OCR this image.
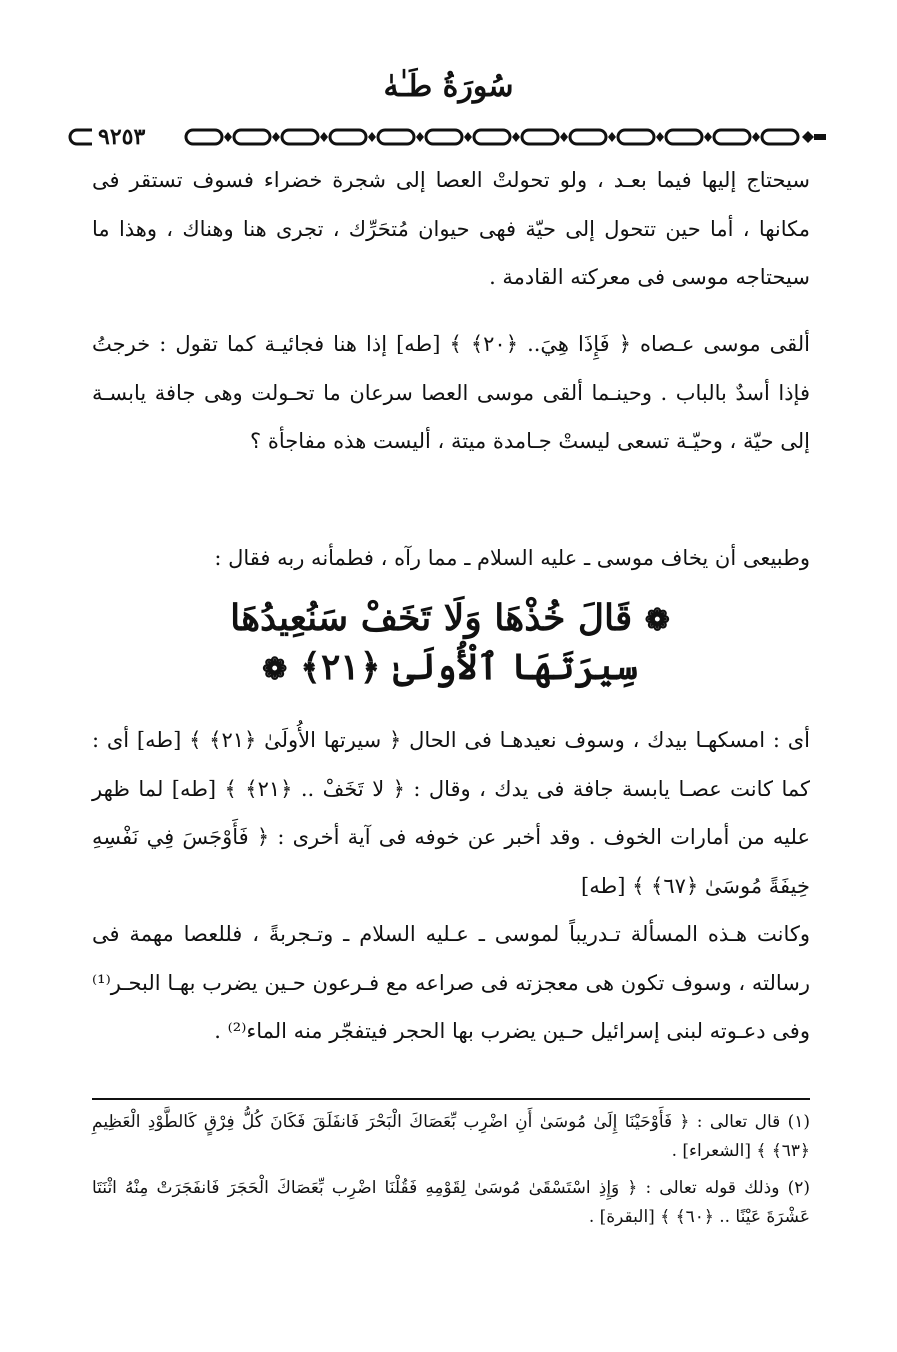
سُورَةُ طَـٰهٰ
٩٢٥٣

سيحتاج إليها فيما بعـد ، ولو تحولتْ العصا إلى شجرة خضراء فسوف تستقر فى مكانها ، أما حين تتحول إلى حيّة فهى حيوان مُتحَرِّك ، تجرى هنا وهناك ، وهذا ما سيحتاجه موسى فى معركته القادمة .

ألقى موسى عـصاه ﴿ فَإِذَا هِيَ.. ﴿٢٠﴾ ﴾ [طه] إذا هنا فجائيـة كما تقول : خرجتُ فإذا أسدٌ بالباب . وحينـما ألقى موسى العصا سرعان ما تحـولت وهى جافة يابسـة إلى حيّة ، وحيّـة تسعى ليستْ جـامدة ميتة ، أليست هذه مفاجأة ؟

وطبيعى أن يخاف موسى ـ عليه السلام ـ مما رآه ، فطمأنه ربه فقال :

❁ قَالَ خُذْهَا وَلَا تَخَفْ سَنُعِيدُهَا
سِيرَتَهَا ٱلْأُولَىٰ ﴿٢١﴾ ❁

أى : امسكهـا بيدك ، وسوف نعيدهـا فى الحال ﴿ سيرتها الأُولَىٰ ﴿٢١﴾ ﴾ [طه] أى : كما كانت عصـا يابسة جافة فى يدك ، وقال : ﴿ لا تَخَفْ .. ﴿٢١﴾ ﴾ [طه] لما ظهر عليه من أمارات الخوف . وقد أخبر عن خوفه فى آية أخرى : ﴿ فَأَوْجَسَ فِي نَفْسِهِ خِيفَةً مُوسَىٰ ﴿٦٧﴾ ﴾ [طه]

وكانت هـذه المسألة تـدريباً لموسى ـ عـليه السلام ـ وتـجربةً ، فللعصا مهمة فى رسالته ، وسوف تكون هى معجزته فى صراعه مع فـرعون حـين يضرب بهـا البحـر⁽¹⁾ وفى دعـوته لبنى إسرائيل حـين يضرب بها الحجر فيتفجّر منه الماء⁽²⁾ .

(١) قال تعالى : ﴿ فَأَوْحَيْنَا إِلَىٰ مُوسَىٰ أَنِ اضْرِب بِّعَصَاكَ الْبَحْرَ فَانفَلَقَ فَكَانَ كُلُّ فِرْقٍ كَالطَّوْدِ الْعَظِيمِ ﴿٦٣﴾ ﴾ [الشعراء] .

(٢) وذلك قوله تعالى : ﴿ وَإِذِ اسْتَسْقَىٰ مُوسَىٰ لِقَوْمِهِ فَقُلْنَا اضْرِب بِّعَصَاكَ الْحَجَرَ فَانفَجَرَتْ مِنْهُ اثْنَتَا عَشْرَةَ عَيْنًا .. ﴿٦٠﴾ ﴾ [البقرة] .
